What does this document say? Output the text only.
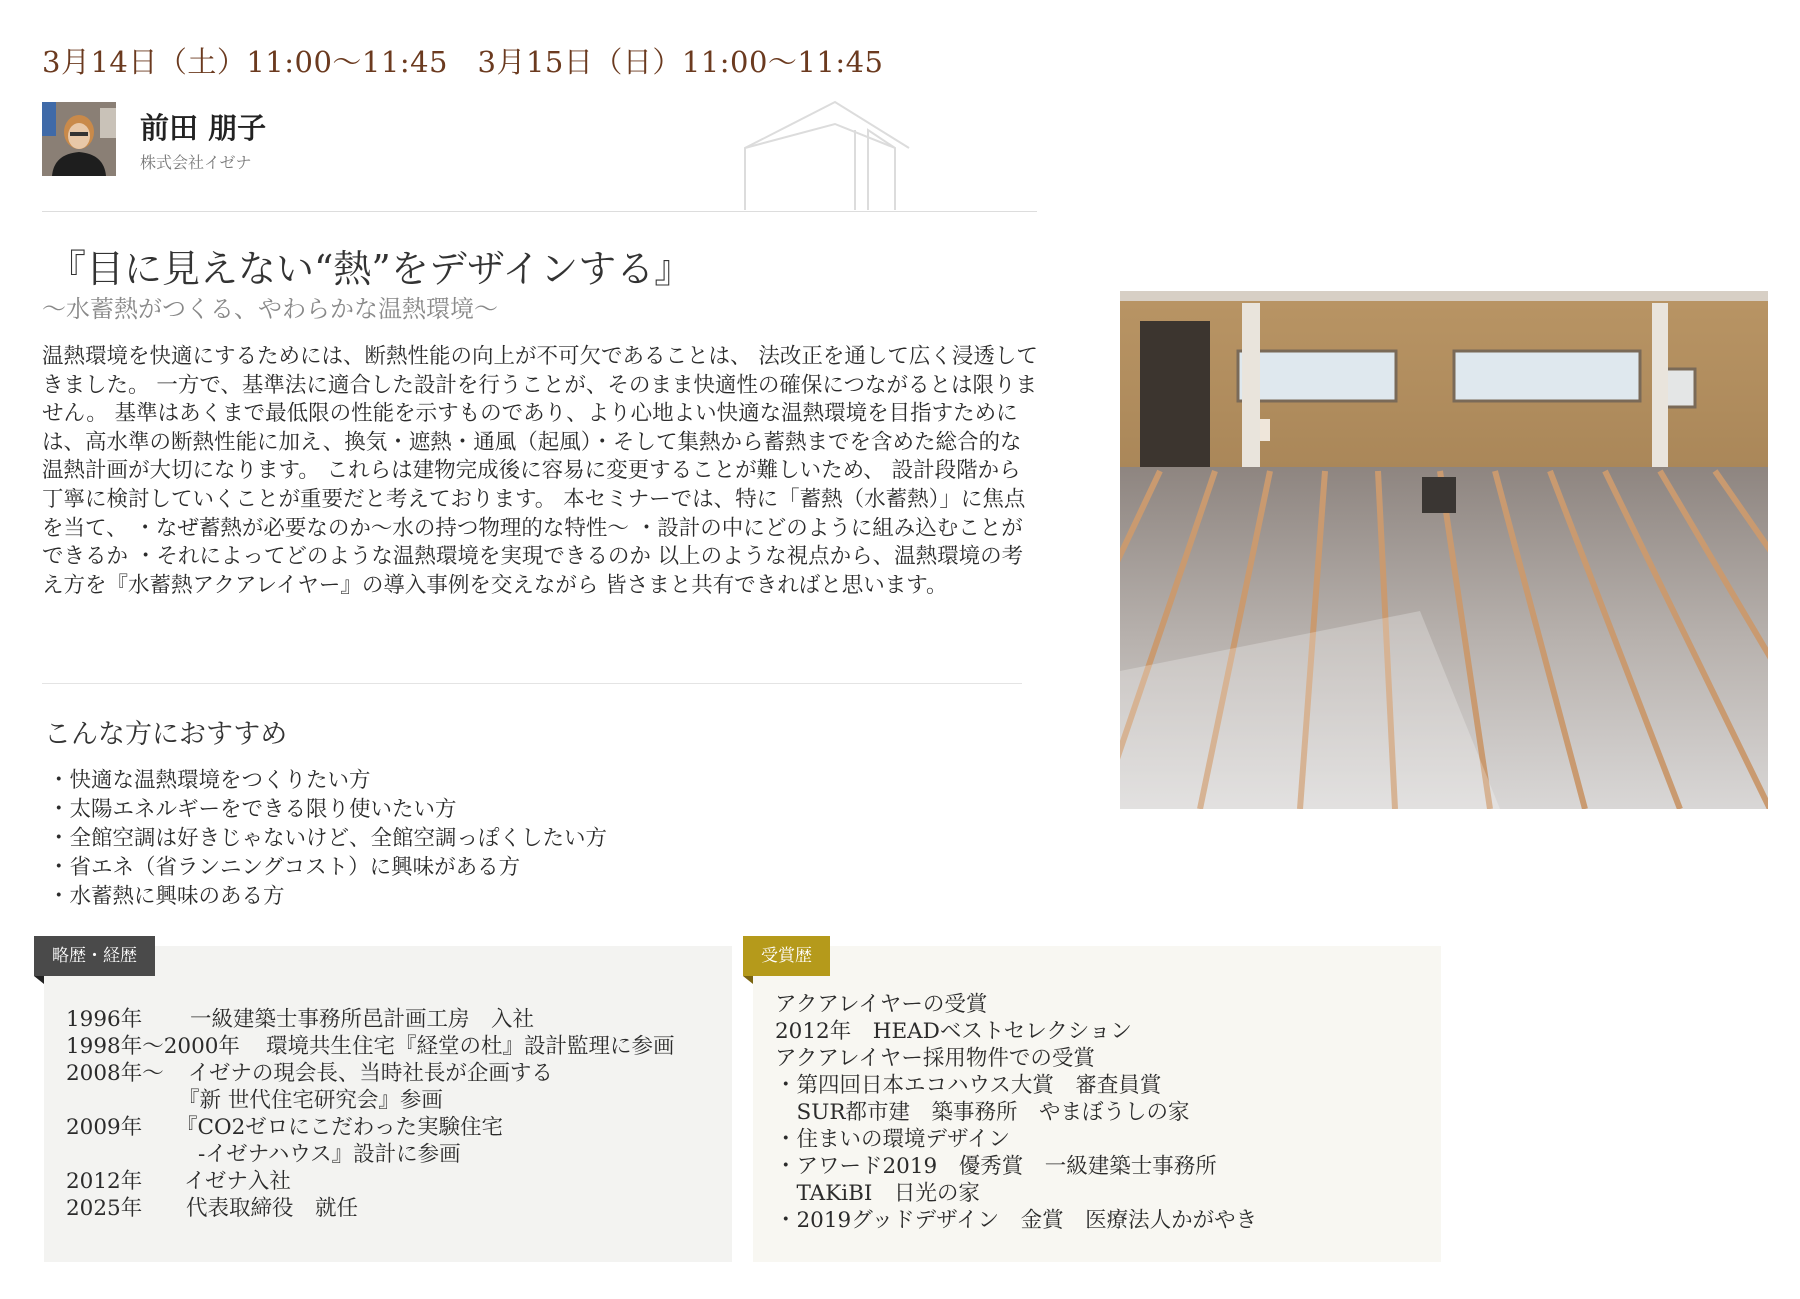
3月14日（土）11:00〜11:45　3月15日（日）11:00〜11:45
前田 朋子
株式会社イゼナ
『目に見えない“熱”をデザインする』
〜水蓄熱がつくる、やわらかな温熱環境〜
温熱環境を快適にするためには、断熱性能の向上が不可欠であることは、 法改正を通して広く浸透してきました。 一方で、基準法に適合した設計を行うことが、そのまま快適性の確保につながるとは限りません。 基準はあくまで最低限の性能を示すものであり、より心地よい快適な温熱環境を目指すためには、高水準の断熱性能に加え、換気・遮熱・通風（起風）・そして集熱から蓄熱までを含めた総合的な温熱計画が大切になります。 これらは建物完成後に容易に変更することが難しいため、 設計段階から丁寧に検討していくことが重要だと考えております。 本セミナーでは、特に「蓄熱（水蓄熱）」に焦点を当て、 ・なぜ蓄熱が必要なのか〜水の持つ物理的な特性〜 ・設計の中にどのように組み込むことができるか ・それによってどのような温熱環境を実現できるのか 以上のような視点から、温熱環境の考え方を『水蓄熱アクアレイヤー』の導入事例を交えながら 皆さまと共有できればと思います。
こんな方におすすめ
・ 快適な温熱環境をつくりたい方
・ 太陽エネルギーをできる限り使いたい方
・ 全館空調は好きじゃないけど、全館空調っぽくしたい方
・ 省エネ（省ランニングコスト）に興味がある方
・ 水蓄熱に興味のある方
略歴・経歴
1996年	一級建築士事務所邑計画工房　入社
1998年〜2000年	環境共生住宅『経堂の杜』設計監理に参画
2008年〜	イゼナの現会長、当時社長が企画する
『新 世代住宅研究会』参画
2009年	『CO2ゼロにこだわった実験住宅
-イゼナハウス』設計に参画
2012年	イゼナ入社
2025年	代表取締役　就任
受賞歴
アクアレイヤーの受賞
2012年　HEADベストセレクション
アクアレイヤー採用物件での受賞
・第四回日本エコハウス大賞　審査員賞
　SUR都市建　築事務所　やまぼうしの家
・住まいの環境デザイン
・アワード2019　優秀賞　一級建築士事務所
　TAKiBI　日光の家
・2019グッドデザイン　金賞　医療法人かがやき
